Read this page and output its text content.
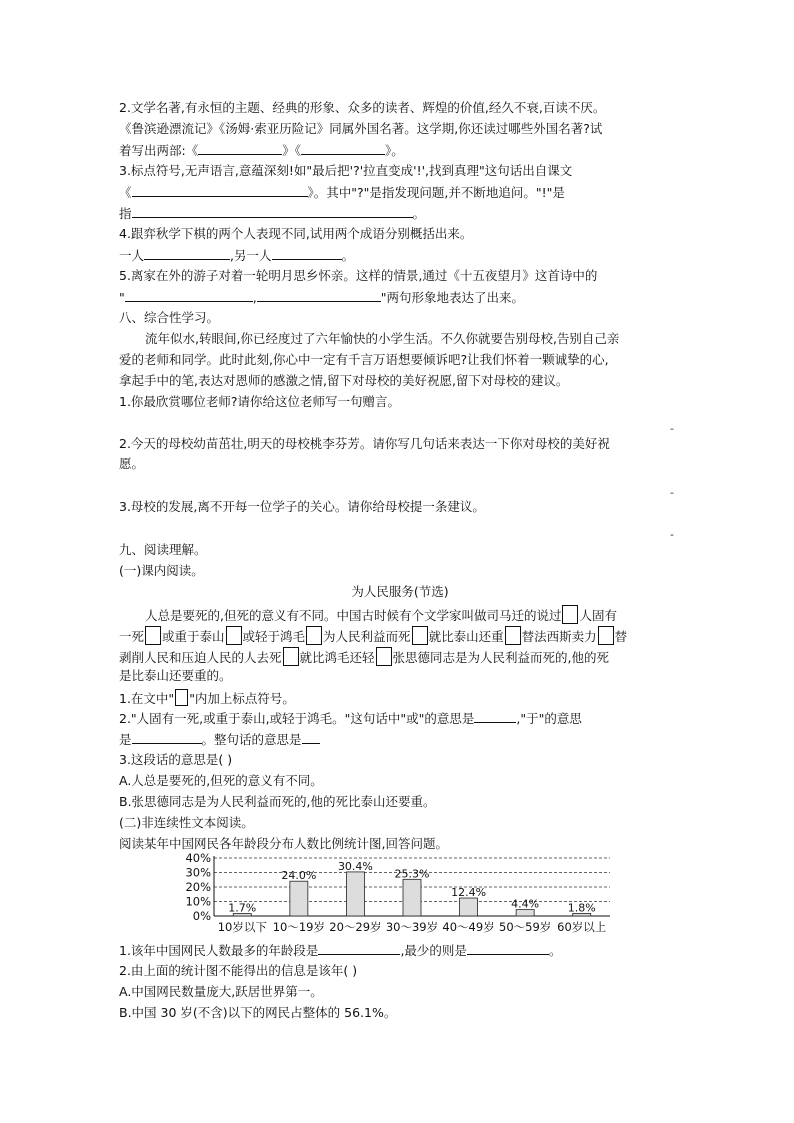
2.文学名著,有永恒的主题、经典的形象、众多的读者、辉煌的价值,经久不衰,百读不厌。
《鲁滨逊漂流记》《汤姆·索亚历险记》同属外国名著。这学期,你还读过哪些外国名著?试
着写出两部:《	》《	》。
3.标点符号,无声语言,意蕴深刻!如"最后把'?'拉直变成'!',找到真理"这句话出自课文
《	》。其中"?"是指发现问题,并不断地追问。"!"是
指	。
4.跟弈秋学下棋的两个人表现不同,试用两个成语分别概括出来。
一人	,另一人	。
5.离家在外的游子对着一轮明月思乡怀亲。这样的情景,通过《十五夜望月》这首诗中的
"	,	"两句形象地表达了出来。
八、综合性学习。
流年似水,转眼间,你已经度过了六年愉快的小学生活。不久你就要告别母校,告别自己亲
爱的老师和同学。此时此刻,你心中一定有千言万语想要倾诉吧?让我们怀着一颗诚挚的心,
拿起手中的笔,表达对恩师的感激之情,留下对母校的美好祝愿,留下对母校的建议。
1.你最欣赏哪位老师?请你给这位老师写一句赠言。
-
2.今天的母校幼苗茁壮,明天的母校桃李芬芳。请你写几句话来表达一下你对母校的美好祝
愿。
-
3.母校的发展,离不开每一位学子的关心。请你给母校提一条建议。
-
九、阅读理解。
(一)课内阅读。
为人民服务(节选)
人总是要死的,但死的意义有不同。中国古时候有个文学家叫做司马迁的说过 人固有
一死 或重于泰山 或轻于鸿毛 为人民利益而死 就比泰山还重 替法西斯卖力 替
剥削人民和压迫人民的人去死 就比鸿毛还轻 张思德同志是为人民利益而死的,他的死
是比泰山还要重的。
1.在文中" "内加上标点符号。
2."人固有一死,或重于泰山,或轻于鸿毛。"这句话中"或"的意思是	,"于"的意思
是	。整句话的意思是
3.这段话的意思是( )
A.人总是要死的,但死的意义有不同。
B.张思德同志是为人民利益而死的,他的死比泰山还要重。
(二)非连续性文本阅读。
阅读某年中国网民各年龄段分布人数比例统计图,回答问题。
0%
10%
20%
30%
40%
1.7%
10岁以下
24.0%
10～19岁
30.4%
20～29岁
25.3%
30～39岁
12.4%
40～49岁
4.4%
50～59岁
1.8%
60岁以上
1.该年中国网民人数最多的年龄段是	,最少的则是	。
2.由上面的统计图不能得出的信息是该年( )
A.中国网民数量庞大,跃居世界第一。
B.中国 30 岁(不含)以下的网民占整体的 56.1%。
